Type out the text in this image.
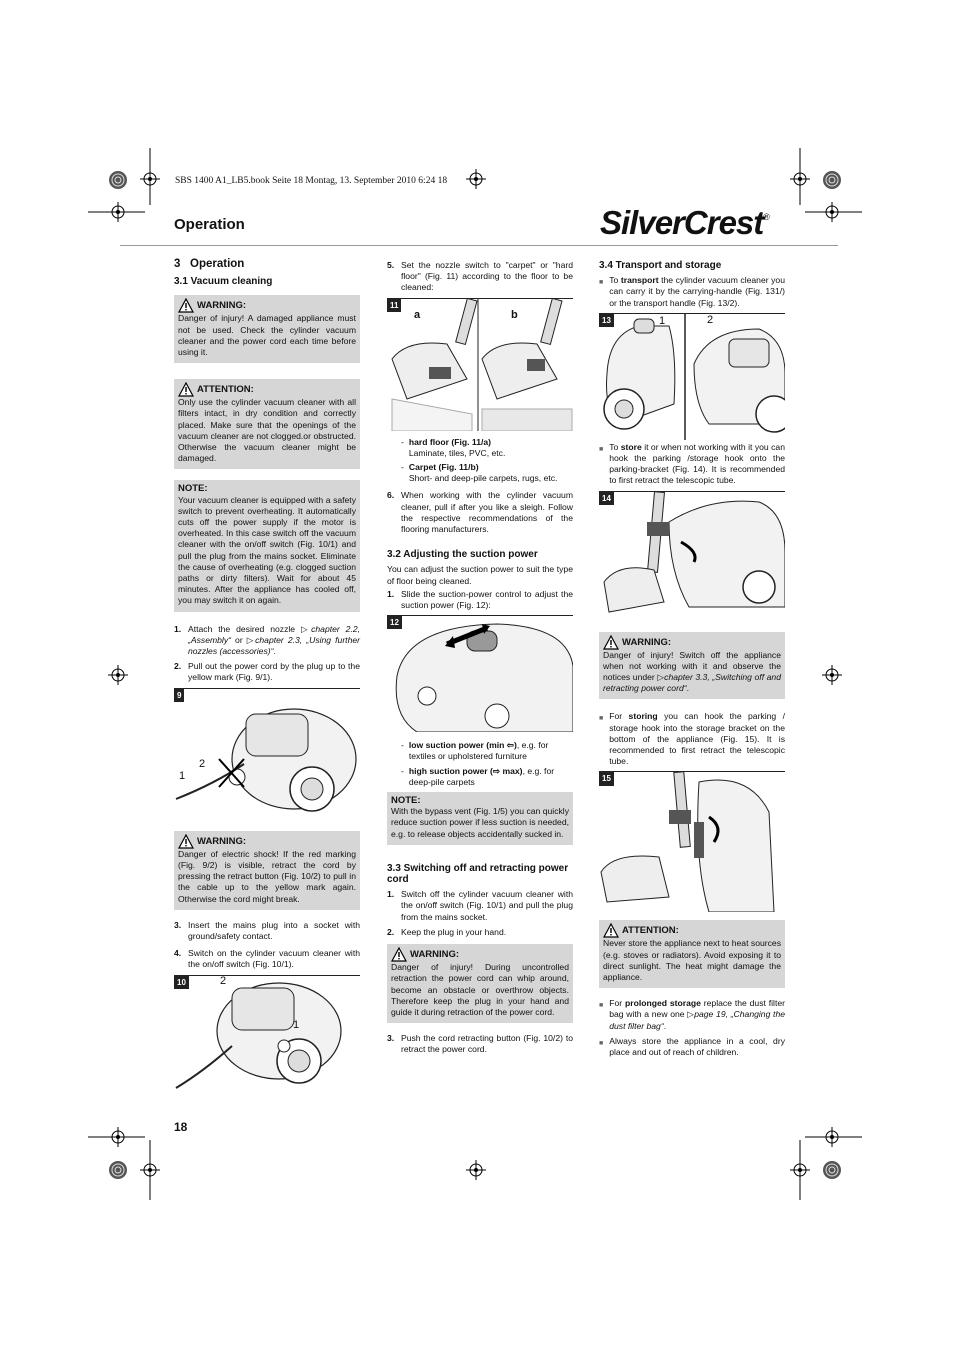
SBS 1400 A1_LB5.book Seite 18 Montag, 13. September 2010 6:24 18
Operation	SilverCrest®
18
3 Operation
3.1 Vacuum cleaning
WARNING:

Danger of injury! A damaged appliance must not be used. Check the cylinder vacuum cleaner and the power cord each time before using it.

ATTENTION:

Only use the cylinder vacuum cleaner with all filters intact, in dry condition and correctly placed. Make sure that the openings of the vacuum cleaner are not clogged.or obstructed. Otherwise the vacuum cleaner might be damaged.

NOTE:

Your vacuum cleaner is equipped with a safety switch to prevent overheating. It automatically cuts off the power supply if the motor is overheated. In this case switch off the vacuum cleaner with the on/off switch (Fig. 10/1) and pull the plug from the mains socket. Eliminate the cause of overheating (e.g. clogged suction paths or dirty filters). Wait for about 45 minutes. After the appliance has cooled off, you may switch it on again.

1. Attach the desired nozzle ▷chapter 2.2, „Assembly“ or ▷chapter 2.3, „Using further nozzles (accessories)“.
2. Pull out the power cord by the plug up to the yellow mark (Fig. 9/1).
9
1
2
WARNING:

Danger of electric shock! If the red marking (Fig. 9/2) is visible, retract the cord by pressing the retract button (Fig. 10/2) to pull in the cable up to the yellow mark again. Otherwise the cord might break.

3. Insert the mains plug into a socket with ground/safety contact.
4. Switch on the cylinder vacuum cleaner with the on/off switch (Fig. 10/1).
10	2
1
5. Set the nozzle switch to "carpet" or "hard floor" (Fig. 11) according to the floor to be cleaned:
11
a	b
- hard floor (Fig. 11/a)
Laminate, tiles, PVC, etc.
- Carpet (Fig. 11/b)
Short- and deep-pile carpets, rugs, etc.
6. When working with the cylinder vacuum cleaner, pull if after you like a sleigh. Follow the respective recommendations of the flooring manufacturers.
3.2 Adjusting the suction power

You can adjust the suction power to suit the type of floor being cleaned.

1. Slide the suction-power control to adjust the suction power (Fig. 12):
12
- low suction power (min ⇦), e.g. for textiles or upholstered furniture
- high suction power (⇨ max), e.g. for deep-pile carpets
NOTE:

With the bypass vent (Fig. 1/5) you can quickly reduce suction power if less suction is needed, e.g. to release objects accidentally sucked in.

3.3 Switching off and retracting power cord
1. Switch off the cylinder vacuum cleaner with the on/off switch (Fig. 10/1) and pull the plug from the mains socket.
2. Keep the plug in your hand.
WARNING:

Danger of injury! During uncontrolled retraction the power cord can whip around, become an obstacle or overthrow objects. Therefore keep the plug in your hand and guide it during retraction of the power cord.

3. Push the cord retracting button (Fig. 10/2) to retract the power cord.
3.4 Transport and storage
■ To transport the cylinder vacuum cleaner you can carry it by the carrying-handle (Fig. 131/) or the transport handle (Fig. 13/2).

13	1	2
■ To store it or when not working with it you can hook the parking /storage hook onto the parking-bracket (Fig. 14). It is recommended to first retract the telescopic tube.

14
WARNING:

Danger of injury! Switch off the appliance when not working with it and observe the notices under ▷chapter 3.3, „Switching off and retracting power cord“.

■ For storing you can hook the parking / storage hook into the storage bracket on the bottom of the appliance (Fig. 15). It is recommended to first retract the telescopic tube.

15
ATTENTION:

Never store the appliance next to heat sources (e.g. stoves or radiators). Avoid exposing it to direct sunlight. The heat might damage the appliance.

■ For prolonged storage replace the dust filter bag with a new one ▷page 19, „Changing the dust filter bag“.

■ Always store the appliance in a cool, dry place and out of reach of children.
